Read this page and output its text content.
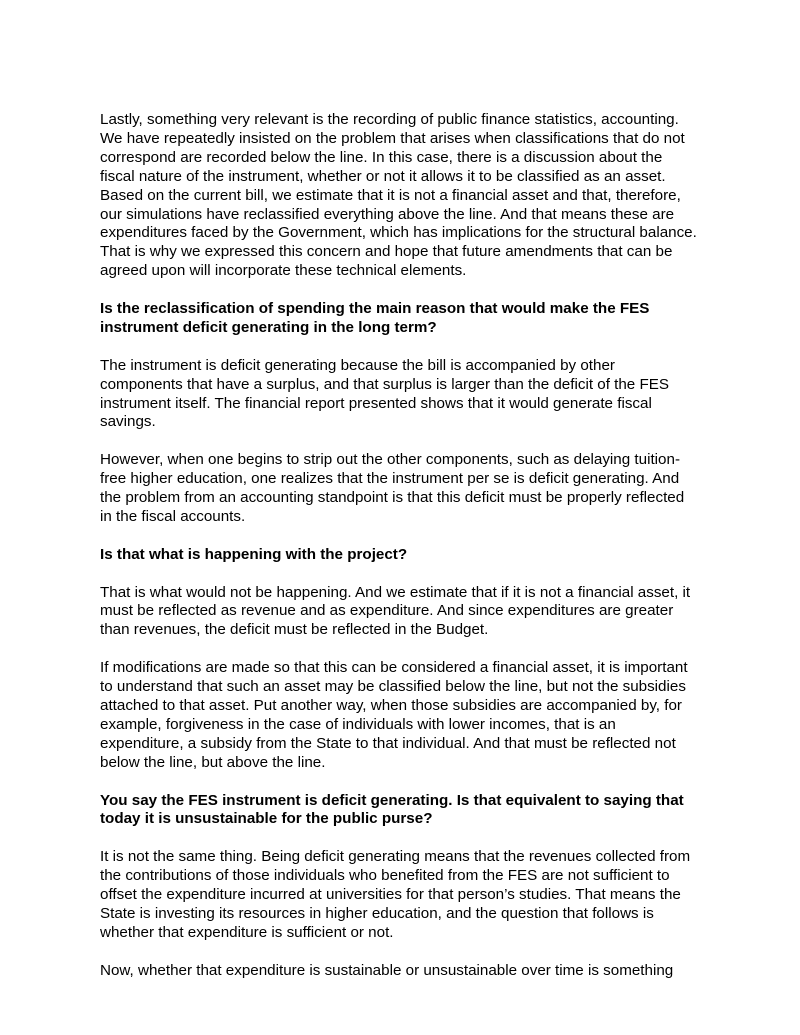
Lastly, something very relevant is the recording of public finance statistics, accounting. We have repeatedly insisted on the problem that arises when classifications that do not correspond are recorded below the line. In this case, there is a discussion about the fiscal nature of the instrument, whether or not it allows it to be classified as an asset. Based on the current bill, we estimate that it is not a financial asset and that, therefore, our simulations have reclassified everything above the line. And that means these are expenditures faced by the Government, which has implications for the structural balance. That is why we expressed this concern and hope that future amendments that can be agreed upon will incorporate these technical elements.

Is the reclassification of spending the main reason that would make the FES instrument deficit generating in the long term?

The instrument is deficit generating because the bill is accompanied by other components that have a surplus, and that surplus is larger than the deficit of the FES instrument itself. The financial report presented shows that it would generate fiscal savings.

However, when one begins to strip out the other components, such as delaying tuition-free higher education, one realizes that the instrument per se is deficit generating. And the problem from an accounting standpoint is that this deficit must be properly reflected in the fiscal accounts.

Is that what is happening with the project?

That is what would not be happening. And we estimate that if it is not a financial asset, it must be reflected as revenue and as expenditure. And since expenditures are greater than revenues, the deficit must be reflected in the Budget.

If modifications are made so that this can be considered a financial asset, it is important to understand that such an asset may be classified below the line, but not the subsidies attached to that asset. Put another way, when those subsidies are accompanied by, for example, forgiveness in the case of individuals with lower incomes, that is an expenditure, a subsidy from the State to that individual. And that must be reflected not below the line, but above the line.

You say the FES instrument is deficit generating. Is that equivalent to saying that today it is unsustainable for the public purse?

It is not the same thing. Being deficit generating means that the revenues collected from the contributions of those individuals who benefited from the FES are not sufficient to offset the expenditure incurred at universities for that person’s studies. That means the State is investing its resources in higher education, and the question that follows is whether that expenditure is sufficient or not.

Now, whether that expenditure is sustainable or unsustainable over time is something
